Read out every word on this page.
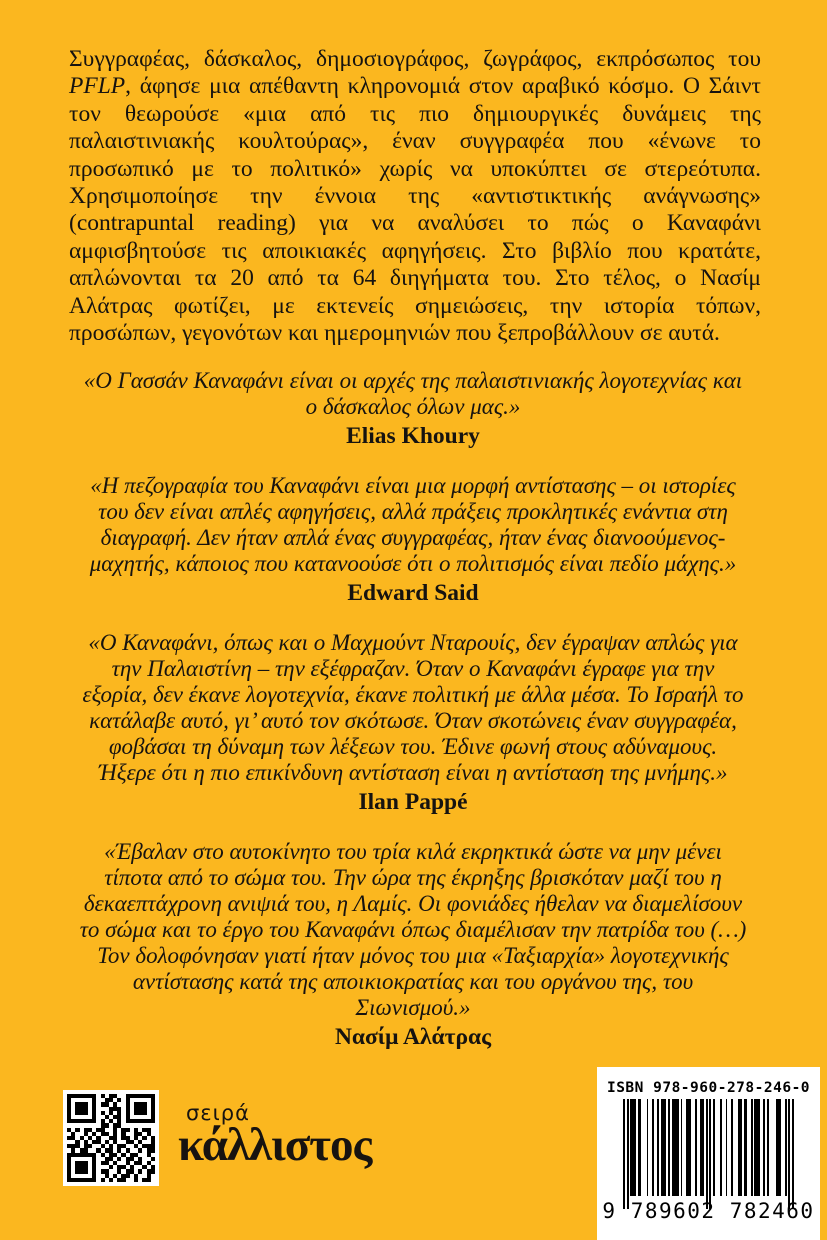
Συγγραφέας, δάσκαλος, δημοσιογράφος, ζωγράφος, εκπρόσωπος του PFLP, άφησε μια απέθαντη κληρονομιά στον αραβικό κόσμο. Ο Σάιντ τον θεωρούσε «μια από τις πιο δημιουργικές δυνάμεις της παλαιστινιακής κουλτούρας», έναν συγγραφέα που «ένωνε το προσωπικό με το πολιτικό» χωρίς να υποκύπτει σε στερεότυπα. Χρησιμοποίησε την έννοια της «αντιστικτικής ανάγνωσης» (contrapuntal reading) για να αναλύσει το πώς ο Καναφάνι αμφισβητούσε τις αποικιακές αφηγήσεις. Στο βιβλίο που κρατάτε, απλώνονται τα 20 από τα 64 διηγήματα του. Στο τέλος, ο Νασίμ Αλάτρας φωτίζει, με εκτενείς σημειώσεις, την ιστορία τόπων, προσώπων, γεγονότων και ημερομηνιών που ξεπροβάλλουν σε αυτά.

«Ο Γασσάν Καναφάνι είναι οι αρχές της παλαιστινιακής λογοτεχνίας και ο δάσκαλος όλων μας.»

Elias Khoury

«Η πεζογραφία του Καναφάνι είναι μια μορφή αντίστασης – οι ιστορίες του δεν είναι απλές αφηγήσεις, αλλά πράξεις προκλητικές ενάντια στη διαγραφή. Δεν ήταν απλά ένας συγγραφέας, ήταν ένας διανοούμενος-μαχητής, κάποιος που κατανοούσε ότι ο πολιτισμός είναι πεδίο μάχης.»

Edward Said

«Ο Καναφάνι, όπως και ο Μαχμούντ Νταρουίς, δεν έγραψαν απλώς για την Παλαιστίνη – την εξέφραζαν. Όταν ο Καναφάνι έγραφε για την εξορία, δεν έκανε λογοτεχνία, έκανε πολιτική με άλλα μέσα. Το Ισραήλ το κατάλαβε αυτό, γι’ αυτό τον σκότωσε. Όταν σκοτώνεις έναν συγγραφέα, φοβάσαι τη δύναμη των λέξεων του. Έδινε φωνή στους αδύναμους. Ήξερε ότι η πιο επικίνδυνη αντίσταση είναι η αντίσταση της μνήμης.»

Ilan Pappé

«Έβαλαν στο αυτοκίνητο του τρία κιλά εκρηκτικά ώστε να μην μένει τίποτα από το σώμα του. Την ώρα της έκρηξης βρισκόταν μαζί του η δεκαεπτάχρονη ανιψιά του, η Λαμίς. Οι φονιάδες ήθελαν να διαμελίσουν το σώμα και το έργο του Καναφάνι όπως διαμέλισαν την πατρίδα του (…) Τον δολοφόνησαν γιατί ήταν μόνος του μια «Ταξιαρχία» λογοτεχνικής αντίστασης κατά της αποικιοκρατίας και του οργάνου της, του Σιωνισμού.»

Νασίμ Αλάτρας
σειρά
κάλλιστος
ISBN 978-960-278-246-0
9 789602 782460
